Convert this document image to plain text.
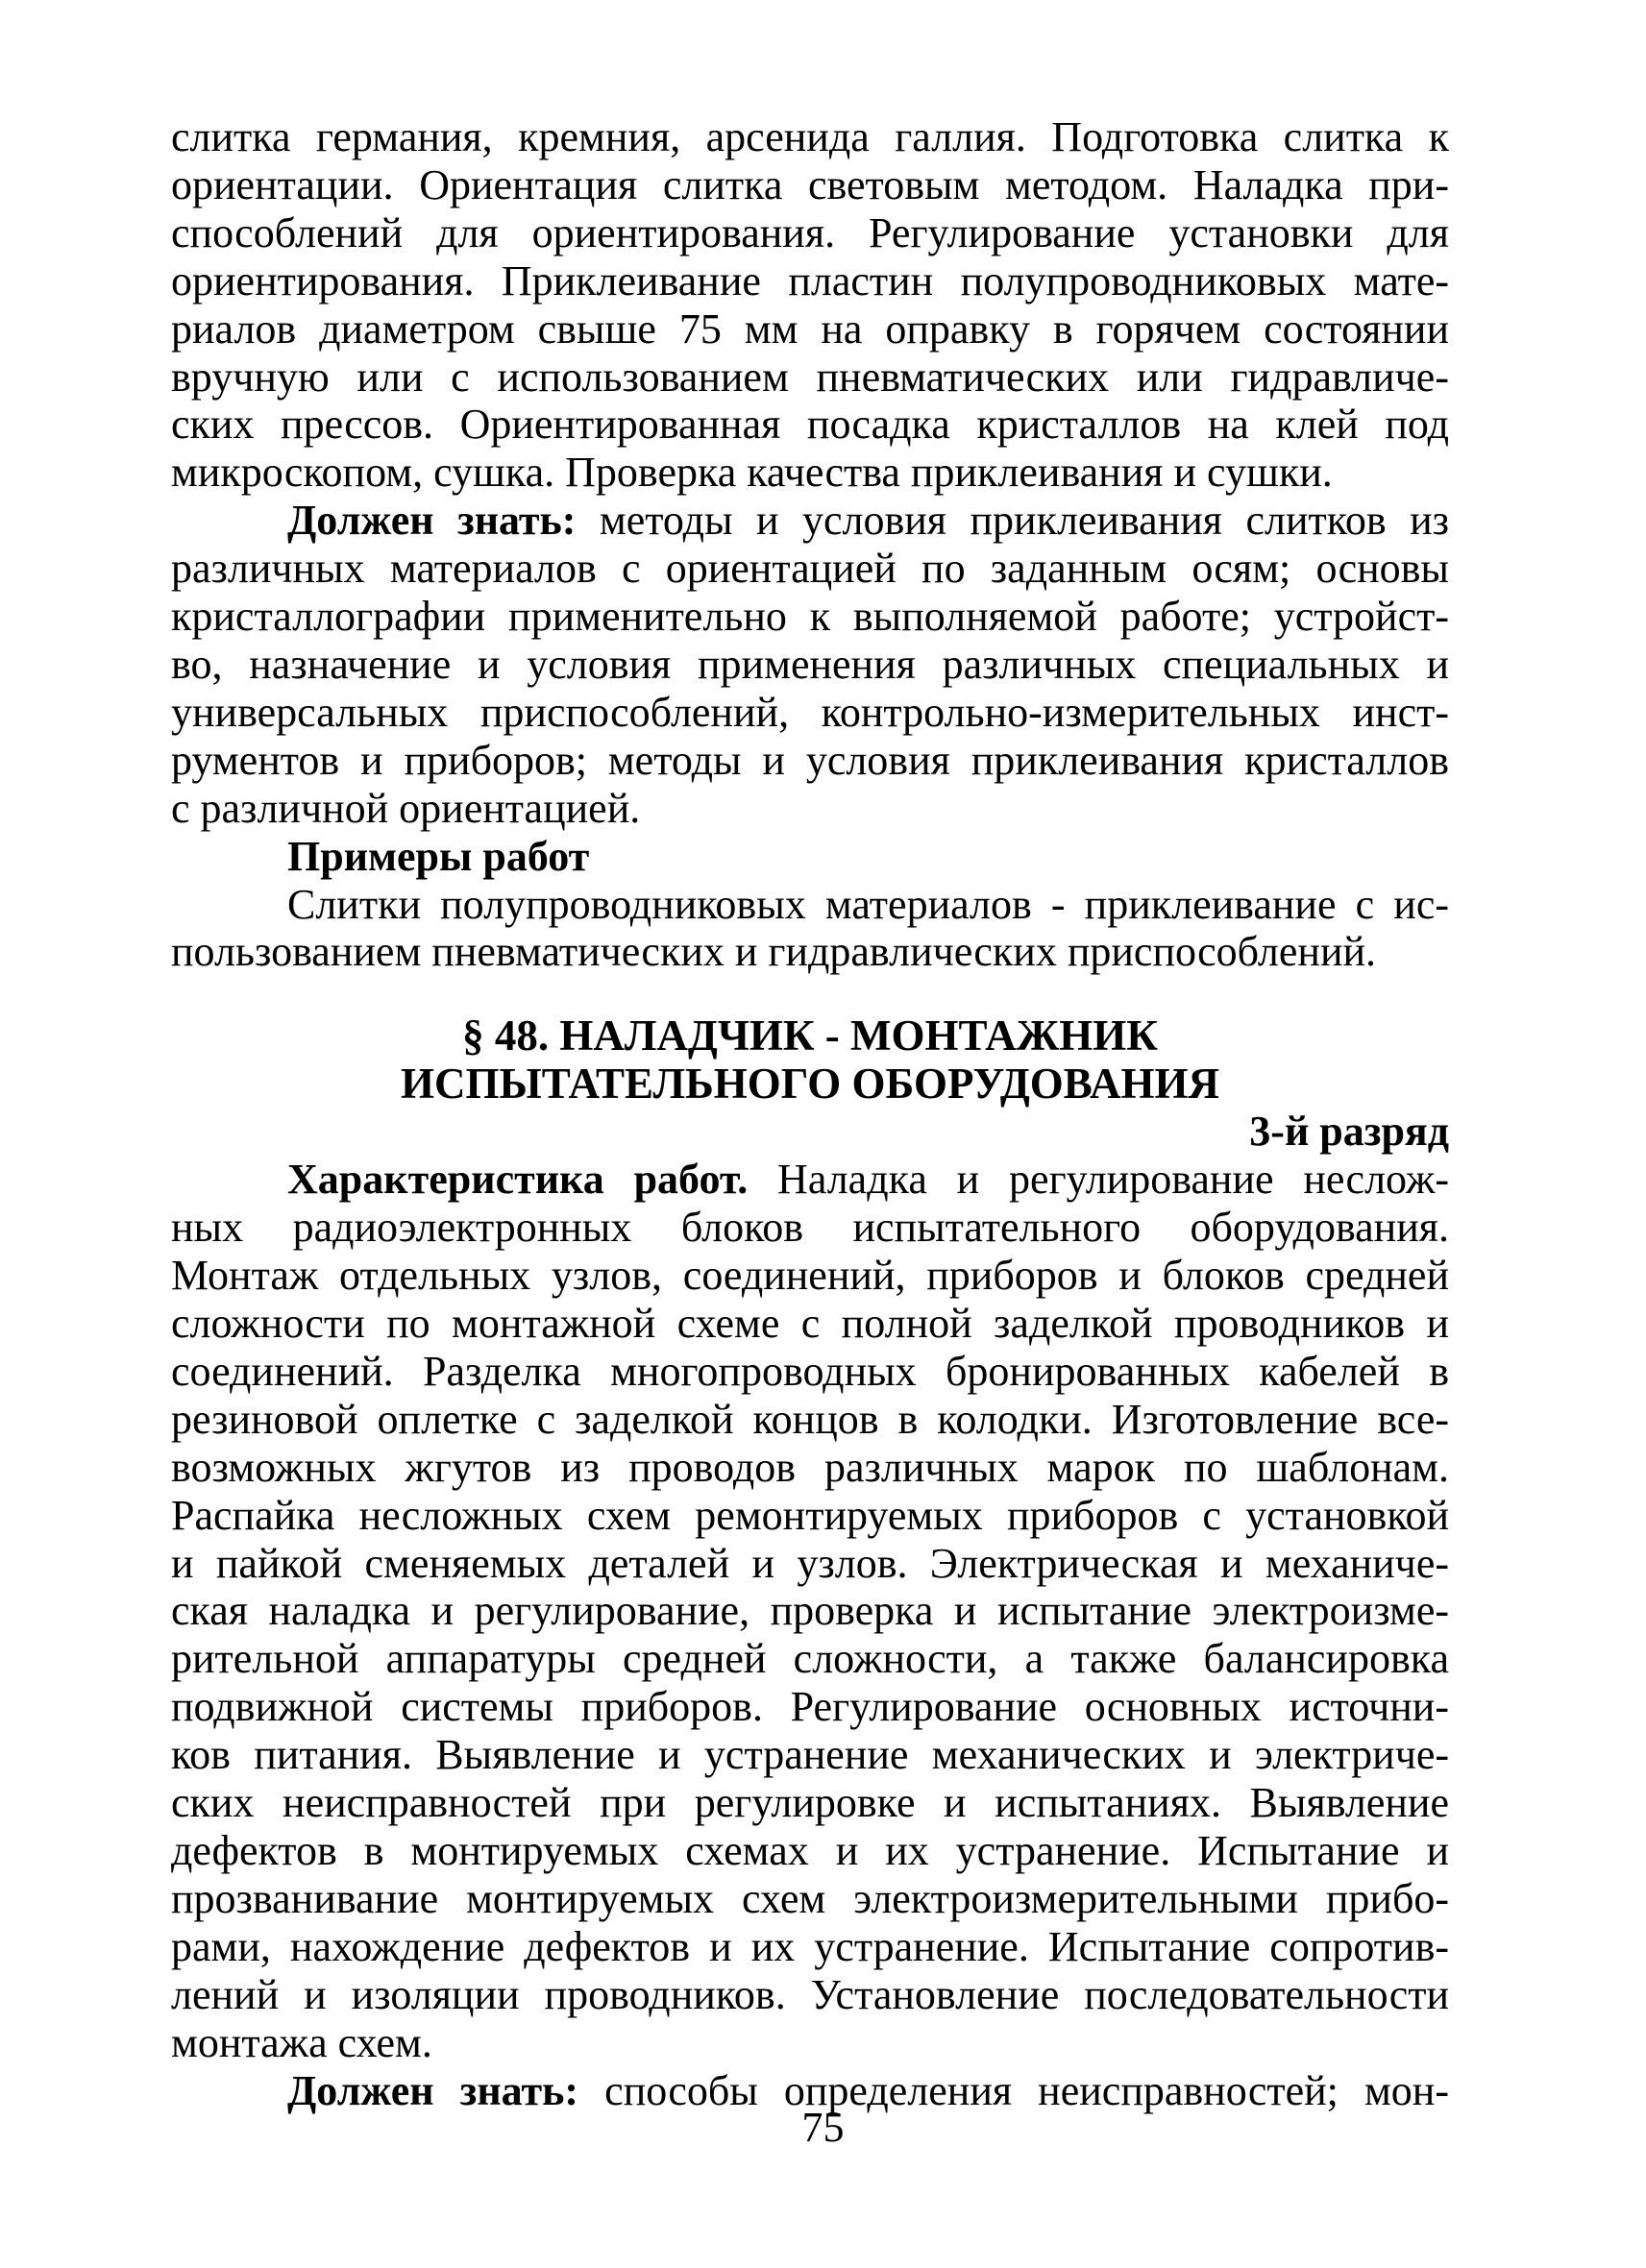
слитка германия, кремния, арсенида галлия. Подготовка слитка к
ориентации. Ориентация слитка световым методом. Наладка при-
способлений для ориентирования. Регулирование установки для
ориентирования. Приклеивание пластин полупроводниковых мате-
риалов диаметром свыше 75 мм на оправку в горячем состоянии
вручную или с использованием пневматических или гидравличе-
ских прессов. Ориентированная посадка кристаллов на клей под
микроскопом, сушка. Проверка качества приклеивания и сушки.
Должен знать: методы и условия приклеивания слитков из
различных материалов с ориентацией по заданным осям; основы
кристаллографии применительно к выполняемой работе; устройст-
во, назначение и условия применения различных специальных и
универсальных приспособлений, контрольно-измерительных инст-
рументов и приборов; методы и условия приклеивания кристаллов
с различной ориентацией.
Примеры работ
Слитки полупроводниковых материалов - приклеивание с ис-
пользованием пневматических и гидравлических приспособлений.
§ 48. НАЛАДЧИК - МОНТАЖНИК
ИСПЫТАТЕЛЬНОГО ОБОРУДОВАНИЯ
3-й разряд
Характеристика работ. Наладка и регулирование неслож-
ных радиоэлектронных блоков испытательного оборудования.
Монтаж отдельных узлов, соединений, приборов и блоков средней
сложности по монтажной схеме с полной заделкой проводников и
соединений. Разделка многопроводных бронированных кабелей в
резиновой оплетке с заделкой концов в колодки. Изготовление все-
возможных жгутов из проводов различных марок по шаблонам.
Распайка несложных схем ремонтируемых приборов с установкой
и пайкой сменяемых деталей и узлов. Электрическая и механиче-
ская наладка и регулирование, проверка и испытание электроизме-
рительной аппаратуры средней сложности, а также балансировка
подвижной системы приборов. Регулирование основных источни-
ков питания. Выявление и устранение механических и электриче-
ских неисправностей при регулировке и испытаниях. Выявление
дефектов в монтируемых схемах и их устранение. Испытание и
прозванивание монтируемых схем электроизмерительными прибо-
рами, нахождение дефектов и их устранение. Испытание сопротив-
лений и изоляции проводников. Установление последовательности
монтажа схем.
Должен знать: способы определения неисправностей; мон-
75
